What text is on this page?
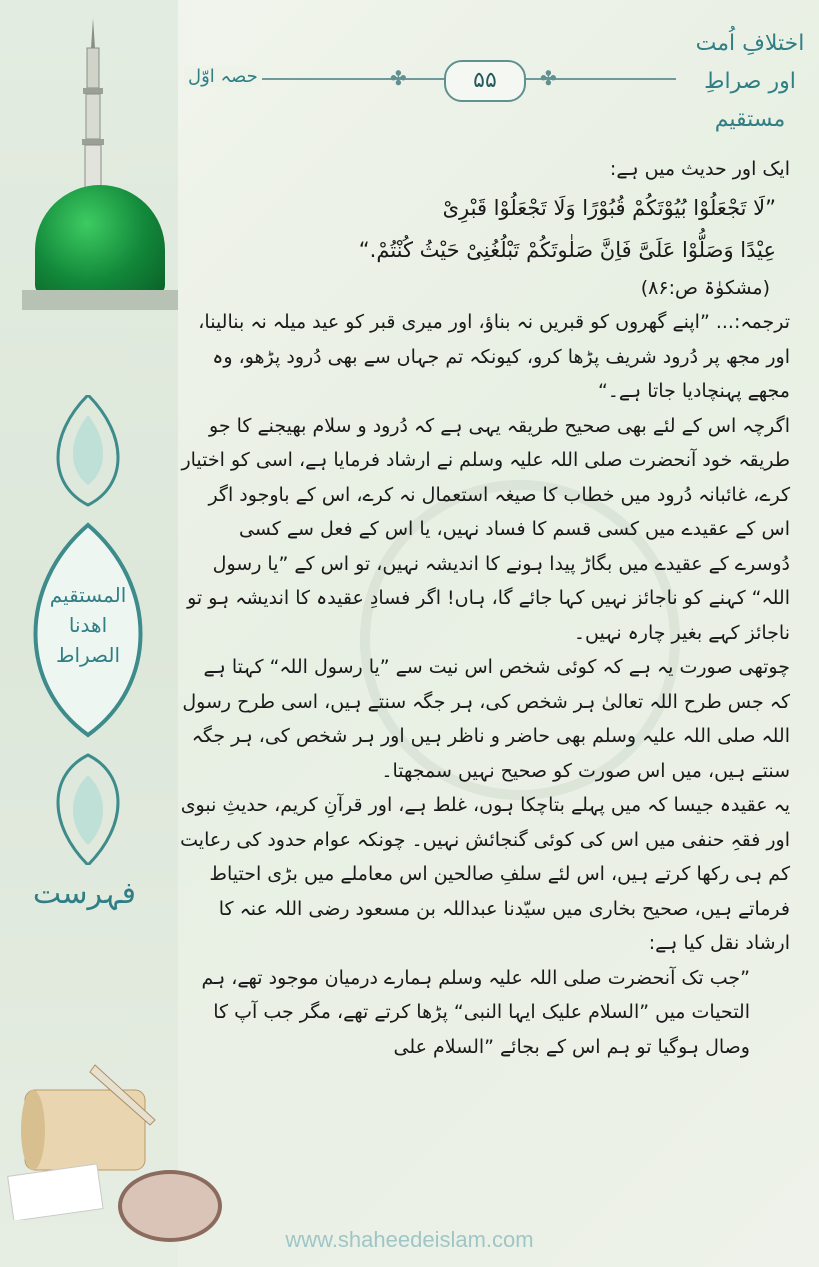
حصہ اوّل	✤	✤
۵۵
اختلافِ اُمت
اور صراطِ مستقیم
المستقیم
اھدنا الصراط
فہرست

ایک اور حدیث میں ہے:

”لَا تَجْعَلُوْا بُيُوْتَكُمْ قُبُوْرًا وَلَا تَجْعَلُوْا قَبْرِىْ

عِيْدًا وَصَلُّوْا عَلَىَّ فَاِنَّ صَلٰوتَكُمْ تَبْلُغُنِىْ حَيْثُ كُنْتُمْ.“

(مشکوٰۃ ص:۸۶)

ترجمہ:... ”اپنے گھروں کو قبریں نہ بناؤ، اور میری قبر کو عید میلہ نہ بنالینا، اور مجھ پر دُرود شریف پڑھا کرو، کیونکہ تم جہاں سے بھی دُرود پڑھو، وہ مجھے پہنچادیا جاتا ہے۔“

اگرچہ اس کے لئے بھی صحیح طریقہ یہی ہے کہ دُرود و سلام بھیجنے کا جو طریقہ خود آنحضرت صلی اللہ علیہ وسلم نے ارشاد فرمایا ہے، اسی کو اختیار کرے، غائبانہ دُرود میں خطاب کا صیغہ استعمال نہ کرے، اس کے باوجود اگر اس کے عقیدے میں کسی قسم کا فساد نہیں، یا اس کے فعل سے کسی دُوسرے کے عقیدے میں بگاڑ پیدا ہونے کا اندیشہ نہیں، تو اس کے ”یا رسول اللہ“ کہنے کو ناجائز نہیں کہا جائے گا، ہاں! اگر فسادِ عقیدہ کا اندیشہ ہو تو ناجائز کہے بغیر چارہ نہیں۔

چوتھی صورت یہ ہے کہ کوئی شخص اس نیت سے ”یا رسول اللہ“ کہتا ہے کہ جس طرح اللہ تعالیٰ ہر شخص کی، ہر جگہ سنتے ہیں، اسی طرح رسول اللہ صلی اللہ علیہ وسلم بھی حاضر و ناظر ہیں اور ہر شخص کی، ہر جگہ سنتے ہیں، میں اس صورت کو صحیح نہیں سمجھتا۔

یہ عقیدہ جیسا کہ میں پہلے بتاچکا ہوں، غلط ہے، اور قرآنِ کریم، حدیثِ نبوی اور فقہِ حنفی میں اس کی کوئی گنجائش نہیں۔ چونکہ عوام حدود کی رعایت کم ہی رکھا کرتے ہیں، اس لئے سلفِ صالحین اس معاملے میں بڑی احتیاط فرماتے ہیں، صحیح بخاری میں سیّدنا عبداللہ بن مسعود رضی اللہ عنہ کا ارشاد نقل کیا ہے:

”جب تک آنحضرت صلی اللہ علیہ وسلم ہمارے درمیان موجود تھے، ہم التحیات میں ”السلام علیک ایہا النبی“ پڑھا کرتے تھے، مگر جب آپ کا وصال ہوگیا تو ہم اس کے بجائے ”السلام علی

www.shaheedeislam.com
